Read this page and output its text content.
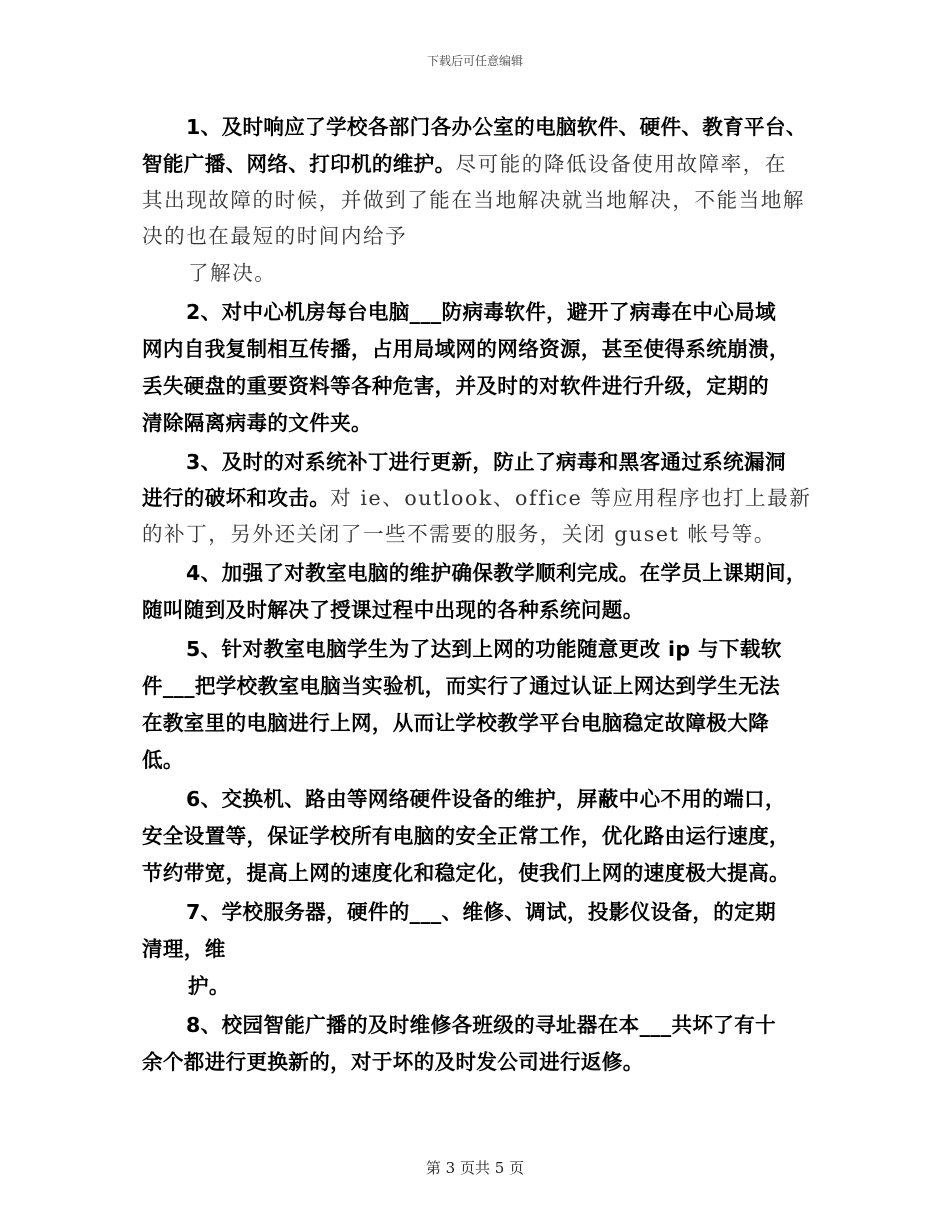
下载后可任意编辑
1、及时响应了学校各部门各办公室的电脑软件、硬件、教育平台、
智能广播、网络、打印机的维护。尽可能的降低设备使用故障率，在
其出现故障的时候，并做到了能在当地解决就当地解决，不能当地解
决的也在最短的时间内给予
了解决。
2、对中心机房每台电脑___防病毒软件，避开了病毒在中心局域
网内自我复制相互传播，占用局域网的网络资源，甚至使得系统崩溃，
丢失硬盘的重要资料等各种危害，并及时的对软件进行升级，定期的
清除隔离病毒的文件夹。
3、及时的对系统补丁进行更新，防止了病毒和黑客通过系统漏洞
进行的破坏和攻击。对 ie、outlook、office 等应用程序也打上最新
的补丁，另外还关闭了一些不需要的服务，关闭 guset 帐号等。
4、加强了对教室电脑的维护确保教学顺利完成。在学员上课期间，
随叫随到及时解决了授课过程中出现的各种系统问题。
5、针对教室电脑学生为了达到上网的功能随意更改 ip 与下载软
件___把学校教室电脑当实验机，而实行了通过认证上网达到学生无法
在教室里的电脑进行上网，从而让学校教学平台电脑稳定故障极大降
低。
6、交换机、路由等网络硬件设备的维护，屏蔽中心不用的端口，
安全设置等，保证学校所有电脑的安全正常工作，优化路由运行速度，
节约带宽，提高上网的速度化和稳定化，使我们上网的速度极大提高。
7、学校服务器，硬件的___、维修、调试，投影仪设备，的定期
清理，维
护。
8、校园智能广播的及时维修各班级的寻址器在本___共坏了有十
余个都进行更换新的，对于坏的及时发公司进行返修。
第 3 页共 5 页
